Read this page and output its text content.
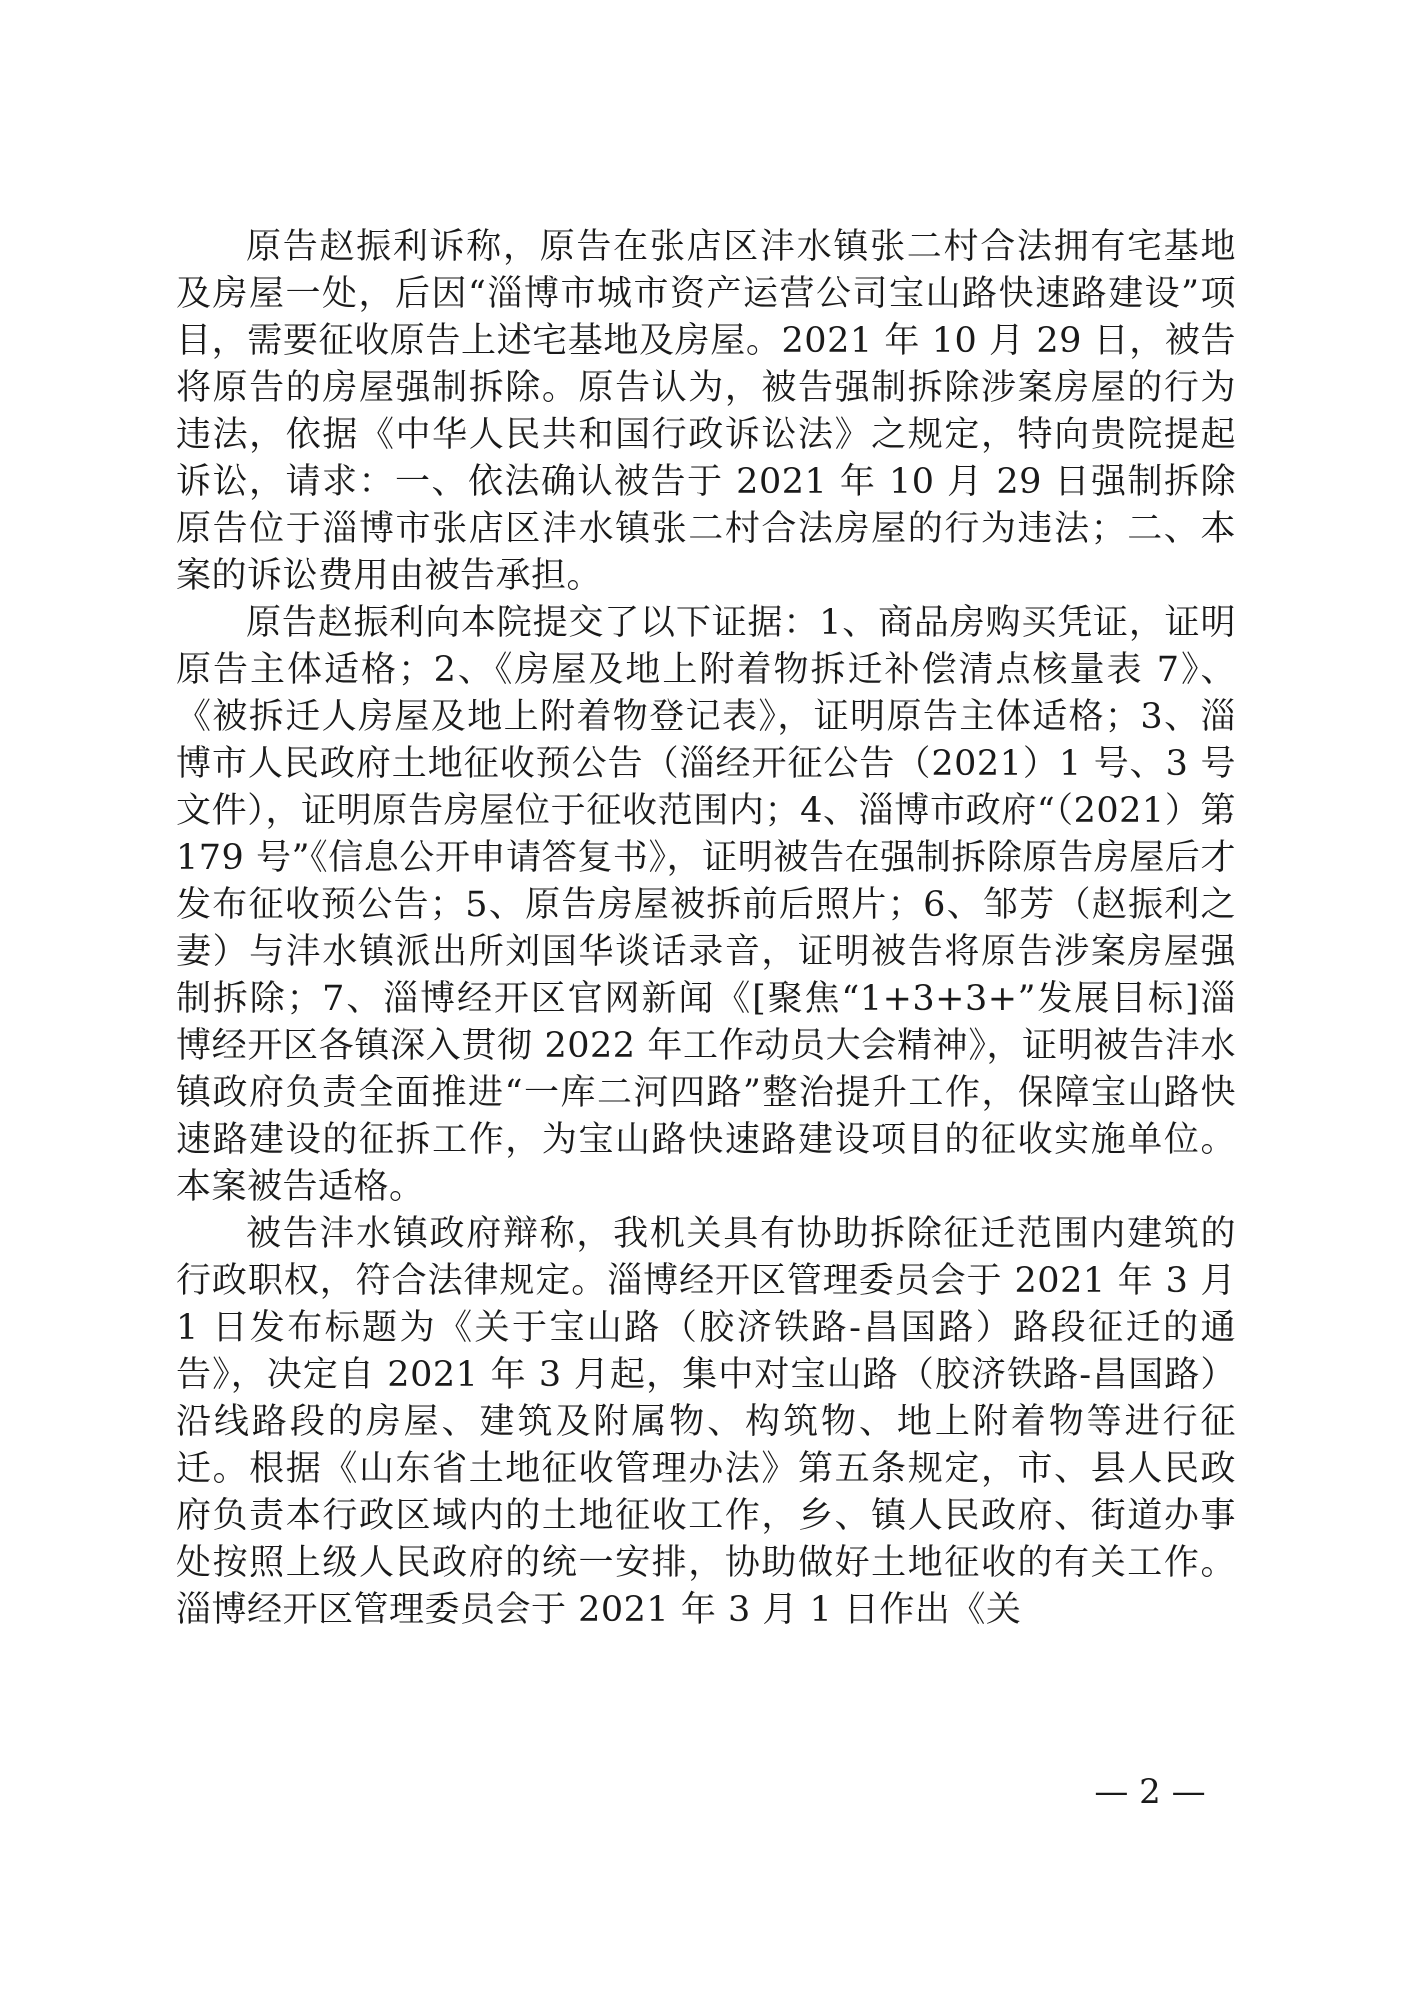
原告赵振利诉称，原告在张店区沣水镇张二村合法拥有宅基地及房屋一处，后因“淄博市城市资产运营公司宝山路快速路建设”项目，需要征收原告上述宅基地及房屋。2021 年 10 月 29 日，被告将原告的房屋强制拆除。原告认为，被告强制拆除涉案房屋的行为违法，依据《中华人民共和国行政诉讼法》之规定，特向贵院提起诉讼，请求：一、依法确认被告于 2021 年 10 月 29 日强制拆除原告位于淄博市张店区沣水镇张二村合法房屋的行为违法；二、本案的诉讼费用由被告承担。

原告赵振利向本院提交了以下证据：1、商品房购买凭证，证明原告主体适格；2、《房屋及地上附着物拆迁补偿清点核量表 7》、《被拆迁人房屋及地上附着物登记表》，证明原告主体适格；3、淄博市人民政府土地征收预公告（淄经开征公告（2021）1 号、3 号文件），证明原告房屋位于征收范围内；4、淄博市政府“（2021）第 179 号”《信息公开申请答复书》，证明被告在强制拆除原告房屋后才发布征收预公告；5、原告房屋被拆前后照片；6、邹芳（赵振利之妻）与沣水镇派出所刘国华谈话录音，证明被告将原告涉案房屋强制拆除；7、淄博经开区官网新闻《[聚焦“1+3+3+”发展目标]淄博经开区各镇深入贯彻 2022 年工作动员大会精神》，证明被告沣水镇政府负责全面推进“一库二河四路”整治提升工作，保障宝山路快速路建设的征拆工作，为宝山路快速路建设项目的征收实施单位。本案被告适格。

被告沣水镇政府辩称，我机关具有协助拆除征迁范围内建筑的行政职权，符合法律规定。淄博经开区管理委员会于 2021 年 3 月 1 日发布标题为《关于宝山路（胶济铁路-昌国路）路段征迁的通告》，决定自 2021 年 3 月起，集中对宝山路（胶济铁路-昌国路）沿线路段的房屋、建筑及附属物、构筑物、地上附着物等进行征迁。根据《山东省土地征收管理办法》第五条规定，市、县人民政府负责本行政区域内的土地征收工作，乡、镇人民政府、街道办事处按照上级人民政府的统一安排，协助做好土地征收的有关工作。淄博经开区管理委员会于 2021 年 3 月 1 日作出《关

— 2 —
